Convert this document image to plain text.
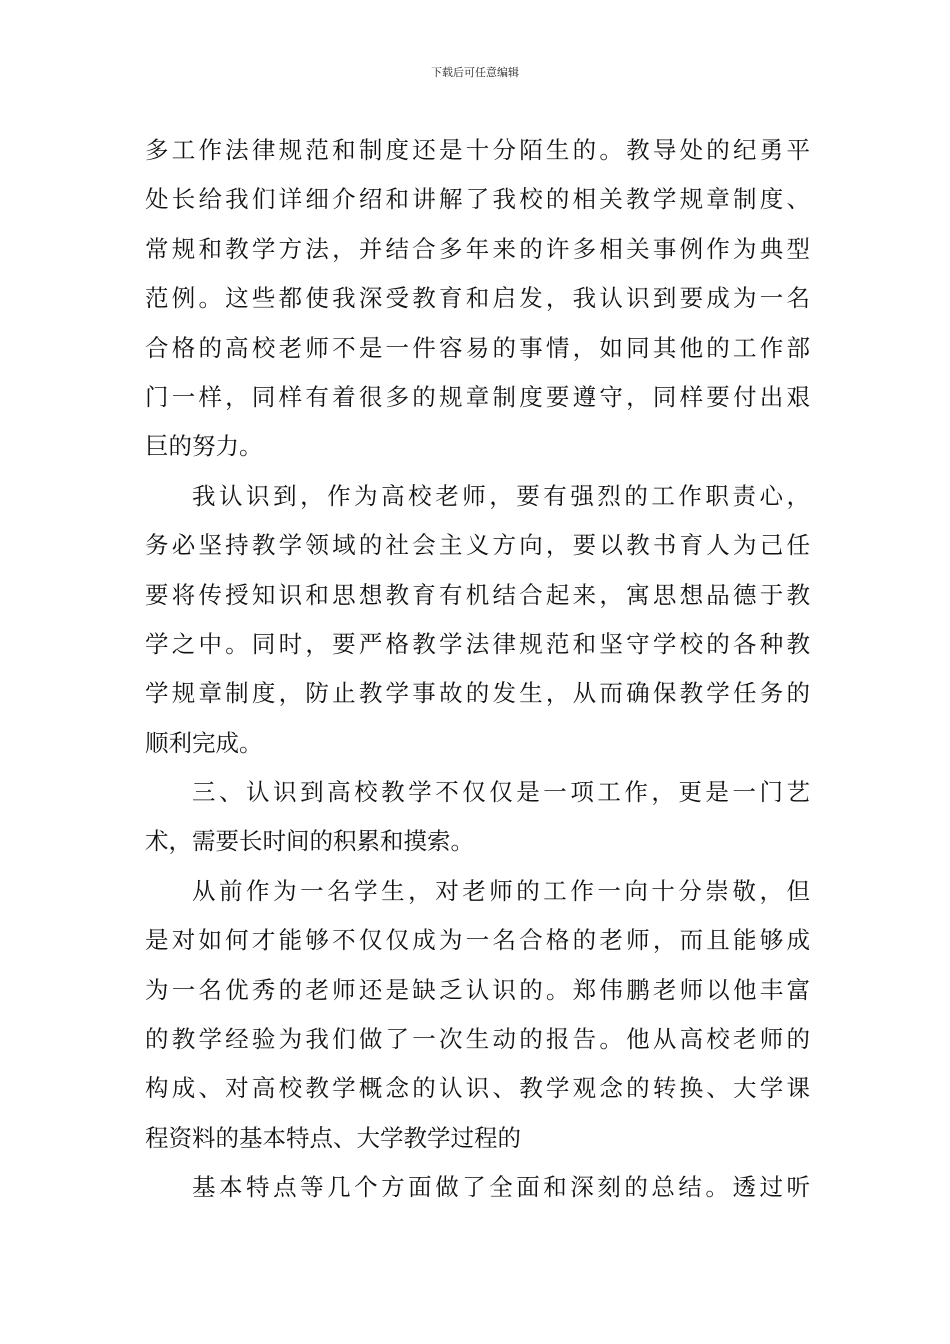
下载后可任意编辑
多工作法律规范和制度还是十分陌生的。教导处的纪勇平
处长给我们详细介绍和讲解了我校的相关教学规章制度、
常规和教学方法，并结合多年来的许多相关事例作为典型
范例。这些都使我深受教育和启发，我认识到要成为一名
合格的高校老师不是一件容易的事情，如同其他的工作部
门一样，同样有着很多的规章制度要遵守，同样要付出艰
巨的努力。
我认识到，作为高校老师，要有强烈的工作职责心，
务必坚持教学领域的社会主义方向，要以教书育人为己任
要将传授知识和思想教育有机结合起来，寓思想品德于教
学之中。同时，要严格教学法律规范和坚守学校的各种教
学规章制度，防止教学事故的发生，从而确保教学任务的
顺利完成。
三、认识到高校教学不仅仅是一项工作，更是一门艺
术，需要长时间的积累和摸索。
从前作为一名学生，对老师的工作一向十分崇敬，但
是对如何才能够不仅仅成为一名合格的老师，而且能够成
为一名优秀的老师还是缺乏认识的。郑伟鹏老师以他丰富
的教学经验为我们做了一次生动的报告。他从高校老师的
构成、对高校教学概念的认识、教学观念的转换、大学课
程资料的基本特点、大学教学过程的
基本特点等几个方面做了全面和深刻的总结。透过听
